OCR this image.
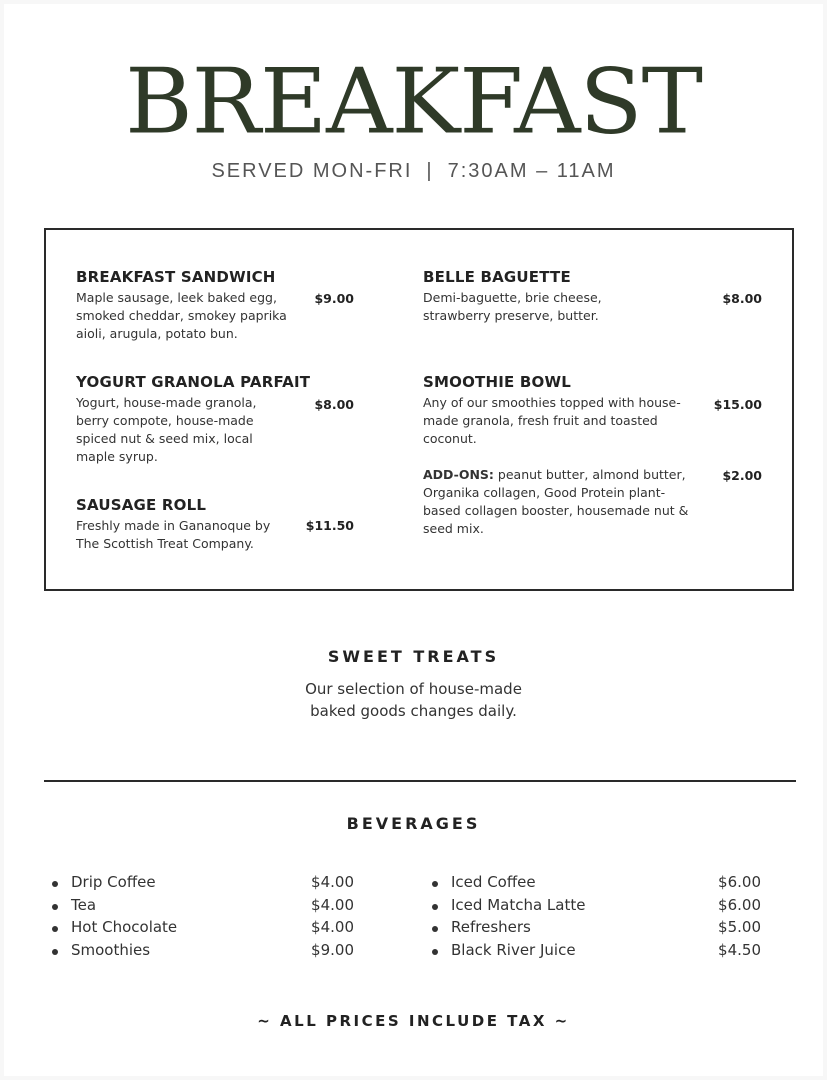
BREAKFAST
SERVED MON-FRI | 7:30AM – 11AM
BREAKFAST SANDWICH
Maple sausage, leek baked egg, smoked cheddar, smokey paprika aioli, arugula, potato bun.
$9.00
YOGURT GRANOLA PARFAIT
Yogurt, house-made granola, berry compote, house-made spiced nut & seed mix, local maple syrup.
$8.00
SAUSAGE ROLL
Freshly made in Gananoque by The Scottish Treat Company.
$11.50
BELLE BAGUETTE
Demi-baguette, brie cheese, strawberry preserve, butter.
$8.00
SMOOTHIE BOWL
Any of our smoothies topped with house-made granola, fresh fruit and toasted coconut.
$15.00
ADD-ONS: peanut butter, almond butter, Organika collagen, Good Protein plant-based collagen booster, housemade nut & seed mix.
$2.00
SWEET TREATS
Our selection of house-made
baked goods changes daily.
BEVERAGES
Drip Coffee	$4.00
Tea	$4.00
Hot Chocolate	$4.00
Smoothies	$9.00
Iced Coffee	$6.00
Iced Matcha Latte	$6.00
Refreshers	$5.00
Black River Juice	$4.50
~ ALL PRICES INCLUDE TAX ~
